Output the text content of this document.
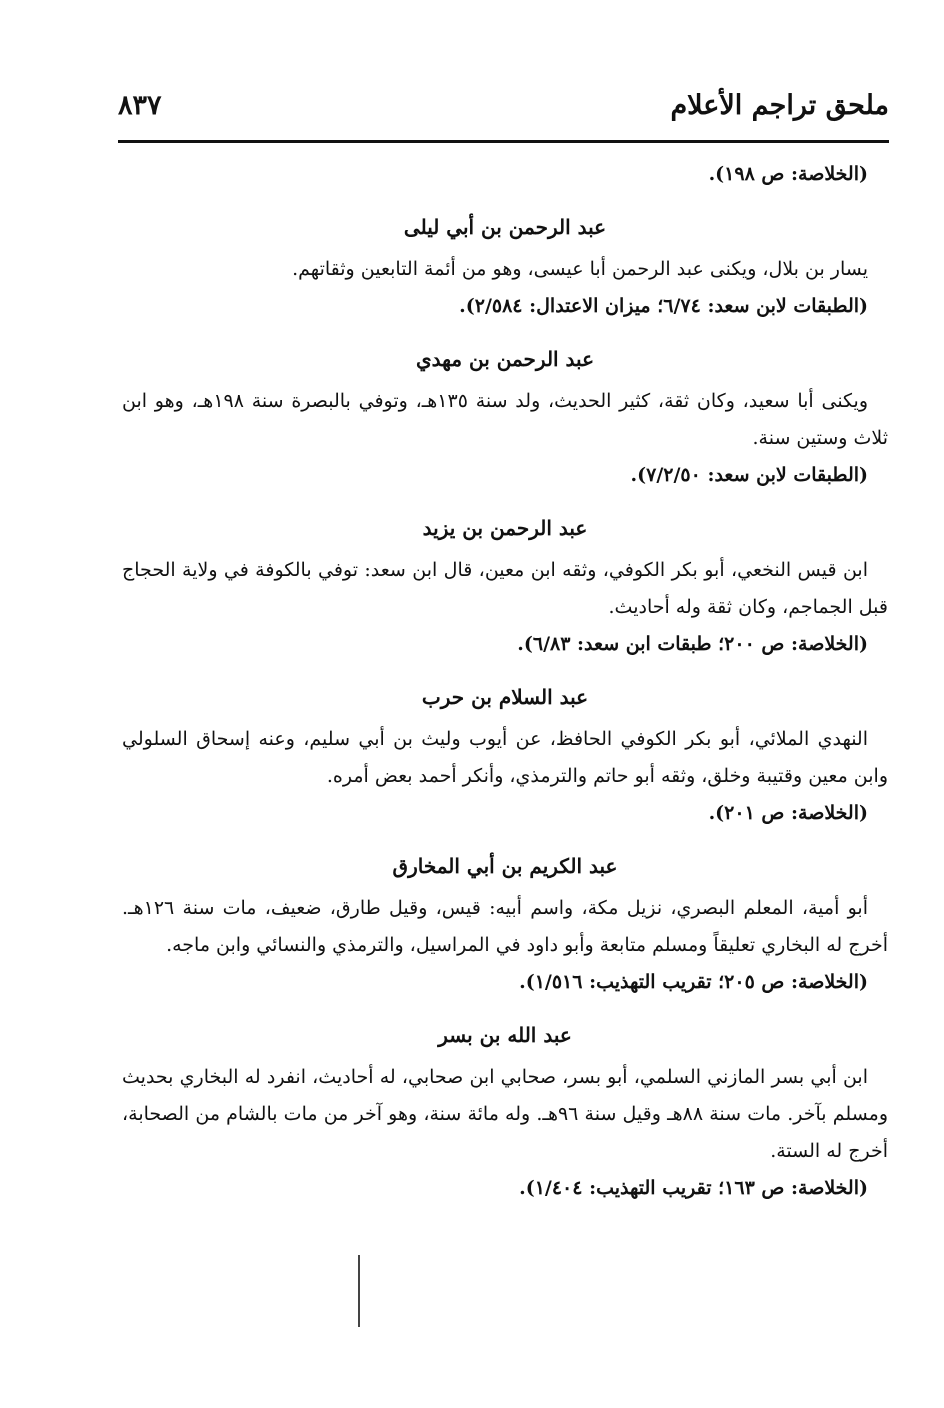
ملحق تراجم الأعلام
٨٣٧

(الخلاصة: ص ١٩٨).

عبد الرحمن بن أبي ليلى

يسار بن بلال، ويكنى عبد الرحمن أبا عيسى، وهو من أئمة التابعين وثقاتهم.

(الطبقات لابن سعد: ٦/٧٤؛ ميزان الاعتدال: ٢/٥٨٤).

عبد الرحمن بن مهدي

ويكنى أبا سعيد، وكان ثقة، كثير الحديث، ولد سنة ١٣٥هـ، وتوفي بالبصرة سنة ١٩٨هـ، وهو ابن ثلاث وستين سنة.

(الطبقات لابن سعد: ٧/٢/٥٠).

عبد الرحمن بن يزيد

ابن قيس النخعي، أبو بكر الكوفي، وثقه ابن معين، قال ابن سعد: توفي بالكوفة في ولاية الحجاج قبل الجماجم، وكان ثقة وله أحاديث.

(الخلاصة: ص ٢٠٠؛ طبقات ابن سعد: ٦/٨٣).

عبد السلام بن حرب

النهدي الملائي، أبو بكر الكوفي الحافظ، عن أيوب وليث بن أبي سليم، وعنه إسحاق السلولي وابن معين وقتيبة وخلق، وثقه أبو حاتم والترمذي، وأنكر أحمد بعض أمره.

(الخلاصة: ص ٢٠١).

عبد الكريم بن أبي المخارق

أبو أمية، المعلم البصري، نزيل مكة، واسم أبيه: قيس، وقيل طارق، ضعيف، مات سنة ١٢٦هـ. أخرج له البخاري تعليقاً ومسلم متابعة وأبو داود في المراسيل، والترمذي والنسائي وابن ماجه.

(الخلاصة: ص ٢٠٥؛ تقريب التهذيب: ١/٥١٦).

عبد الله بن بسر

ابن أبي بسر المازني السلمي، أبو بسر، صحابي ابن صحابي، له أحاديث، انفرد له البخاري بحديث ومسلم بآخر. مات سنة ٨٨هـ وقيل سنة ٩٦هـ. وله مائة سنة، وهو آخر من مات بالشام من الصحابة، أخرج له الستة.

(الخلاصة: ص ١٦٣؛ تقريب التهذيب: ١/٤٠٤).
